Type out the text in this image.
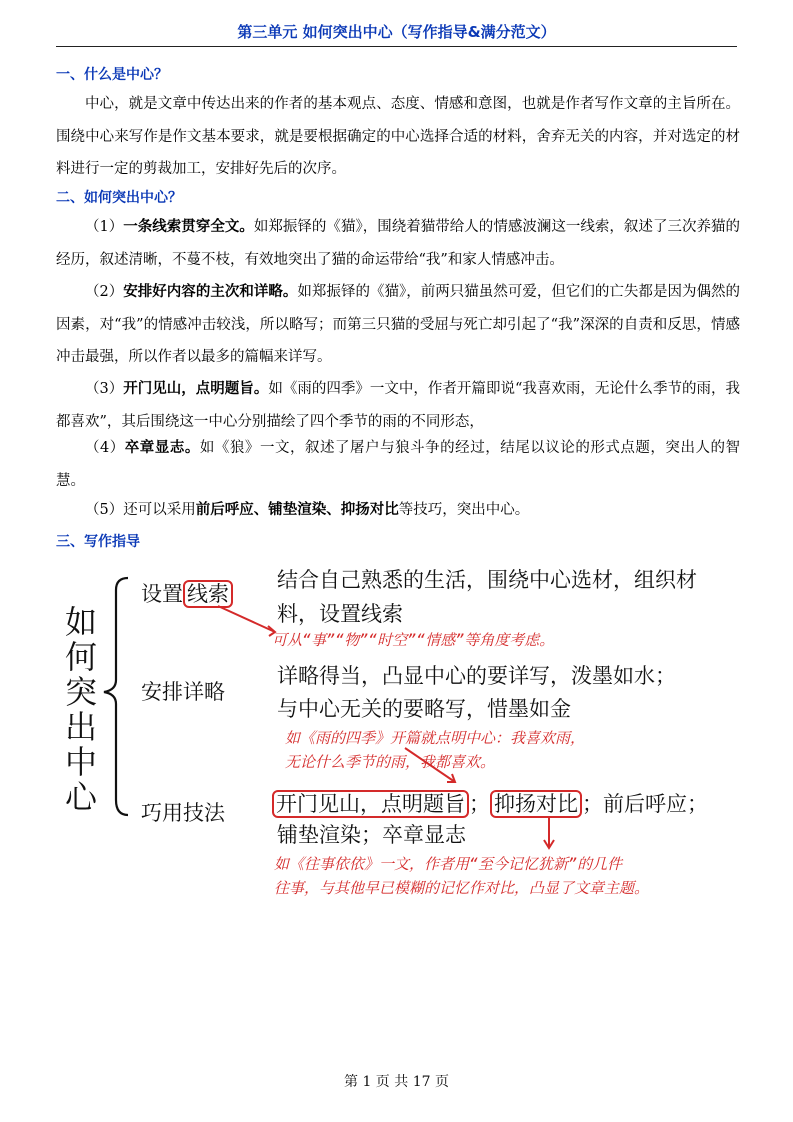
第三单元 如何突出中心（写作指导&满分范文）
一、什么是中心？

中心，就是文章中传达出来的作者的基本观点、态度、情感和意图，也就是作者写作文章的主旨所在。围绕中心来写作是作文基本要求，就是要根据确定的中心选择合适的材料，舍弃无关的内容，并对选定的材料进行一定的剪裁加工，安排好先后的次序。

二、如何突出中心？

（1）一条线索贯穿全文。如郑振铎的《猫》，围绕着猫带给人的情感波澜这一线索，叙述了三次养猫的经历，叙述清晰，不蔓不枝，有效地突出了猫的命运带给“我”和家人情感冲击。

（2）安排好内容的主次和详略。如郑振铎的《猫》，前两只猫虽然可爱，但它们的亡失都是因为偶然的因素，对“我”的情感冲击较浅，所以略写；而第三只猫的受屈与死亡却引起了“我”深深的自责和反思，情感冲击最强，所以作者以最多的篇幅来详写。

（3）开门见山，点明题旨。如《雨的四季》一文中，作者开篇即说“我喜欢雨，无论什么季节的雨，我都喜欢”，其后围绕这一中心分别描绘了四个季节的雨的不同形态，

（4）卒章显志。如《狼》一文，叙述了屠户与狼斗争的经过，结尾以议论的形式点题，突出人的智慧。

（5）还可以采用前后呼应、铺垫渲染、抑扬对比等技巧，突出中心。

三、写作指导
如
何
突
出
中
心
设置 线索
结合自己熟悉的生活，围绕中心选材，组织材料，设置线索
可从“事”“物”“时空”“情感”等角度考虑。
安排详略
详略得当，凸显中心的要详写，泼墨如水；
与中心无关的要略写，惜墨如金
如《雨的四季》开篇就点明中心：我喜欢雨，
无论什么季节的雨，我都喜欢。
巧用技法 开门见山，点明题旨 ； 抑扬对比 ；前后呼应；
铺垫渲染；卒章显志
如《往事依依》一文，作者用“至今记忆犹新”的几件
往事，与其他早已模糊的记忆作对比，凸显了文章主题。
第 1 页 共 17 页
